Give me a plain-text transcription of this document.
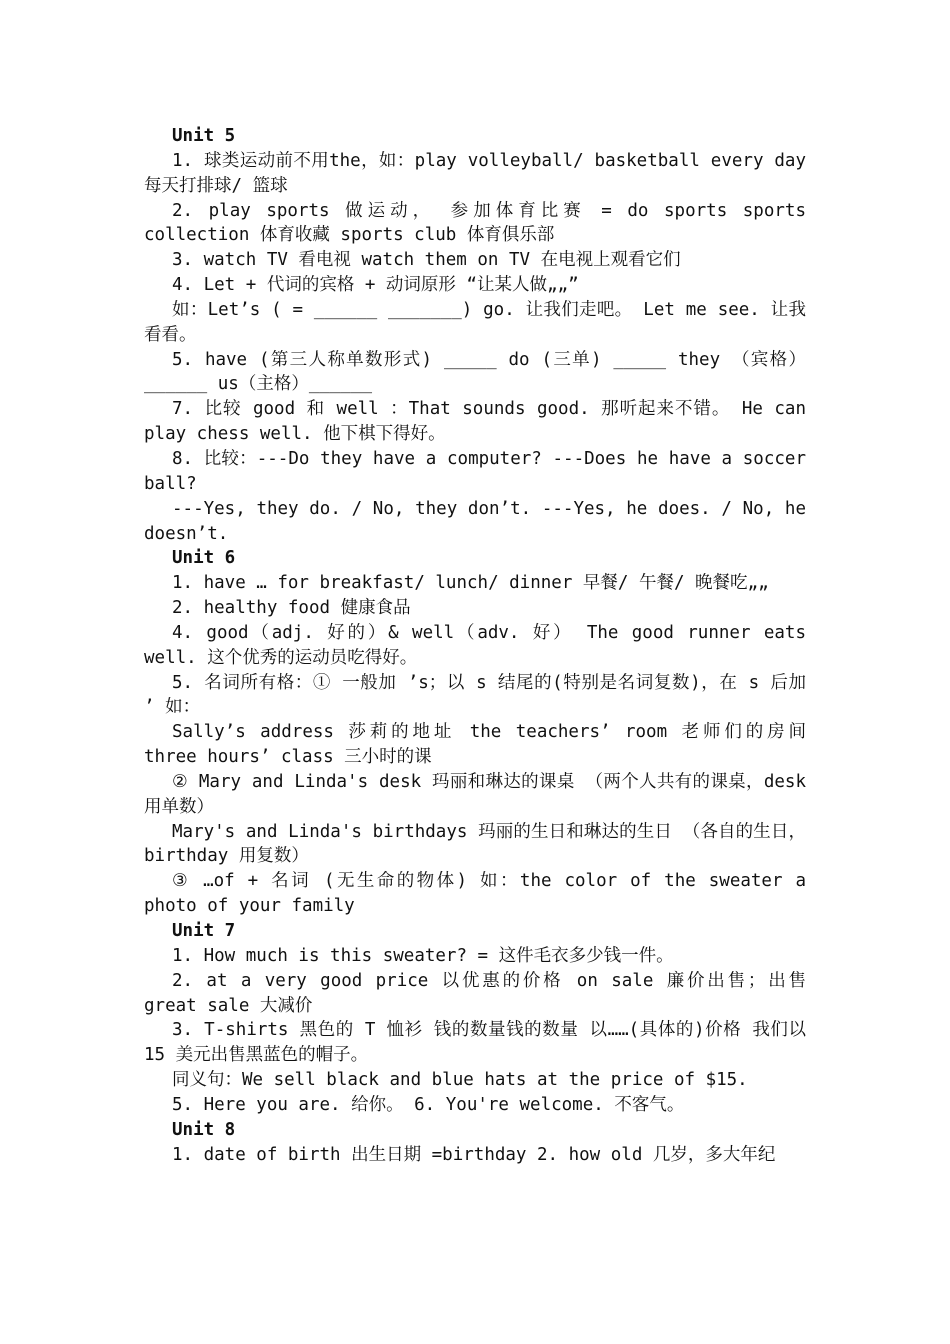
Unit 5
1. 球类运动前不用the，如：play volleyball/ basketball every day 每天打排球/ 篮球
2. play sports 做运动， 参加体育比赛 = do sports sports collection 体育收藏 sports club 体育俱乐部
3. watch TV 看电视 watch them on TV 在电视上观看它们
4. Let + 代词的宾格 + 动词原形 “让某人做„„”
如：Let’s ( = ______ _______) go. 让我们走吧。 Let me see. 让我看看。
5. have (第三人称单数形式) _____ do (三单) _____ they （宾格）______ us（主格）______
7. 比较 good 和 well ：That sounds good. 那听起来不错。 He can play chess well. 他下棋下得好。
8. 比较：---Do they have a computer? ---Does he have a soccer ball?
---Yes, they do. / No, they don’t. ---Yes, he does. / No, he doesn’t.
Unit 6
1. have … for breakfast/ lunch/ dinner 早餐/ 午餐/ 晚餐吃„„
2. healthy food 健康食品
4. good（adj. 好的）& well（adv. 好） The good runner eats well. 这个优秀的运动员吃得好。
5. 名词所有格：① 一般加 ’s；以 s 结尾的(特别是名词复数)，在 s 后加 ’ 如：
Sally’s address 莎莉的地址 the teachers’ room 老师们的房间 three hours’ class 三小时的课
② Mary and Linda's desk 玛丽和琳达的课桌 （两个人共有的课桌，desk 用单数）
Mary's and Linda's birthdays 玛丽的生日和琳达的生日 （各自的生日，birthday 用复数）
③ …of + 名词 (无生命的物体) 如：the color of the sweater a photo of your family
Unit 7
1. How much is this sweater? = 这件毛衣多少钱一件。
2. at a very good price 以优惠的价格 on sale 廉价出售；出售 great sale 大减价
3. T-shirts 黑色的 T 恤衫 钱的数量钱的数量 以……(具体的)价格 我们以 15 美元出售黑蓝色的帽子。
同义句：We sell black and blue hats at the price of $15.
5. Here you are. 给你。 6. You're welcome. 不客气。
Unit 8
1. date of birth 出生日期 =birthday 2. how old 几岁，多大年纪
